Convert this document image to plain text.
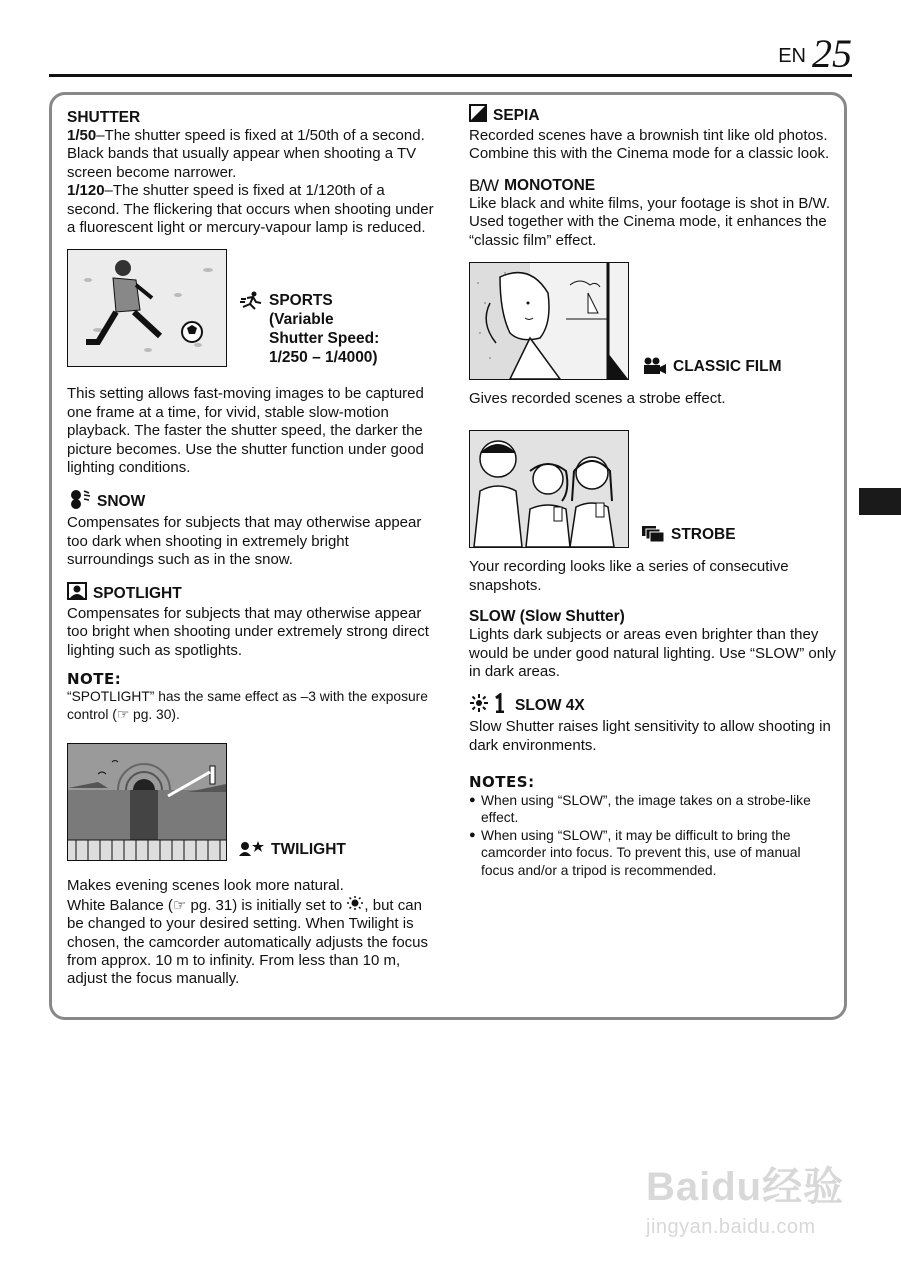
EN 25
SHUTTER

1/50–The shutter speed is fixed at 1/50th of a second. Black bands that usually appear when shooting a TV screen become narrower.

1/120–The shutter speed is fixed at 1/120th of a second. The flickering that occurs when shooting under a fluorescent light or mercury-vapour lamp is reduced.

SPORTS
(Variable
Shutter Speed:
1/250 – 1/4000)

This setting allows fast-moving images to be captured one frame at a time, for vivid, stable slow-motion playback. The faster the shutter speed, the darker the picture becomes. Use the shutter function under good lighting conditions.

SNOW

Compensates for subjects that may otherwise appear too dark when shooting in extremely bright surroundings such as in the snow.

SPOTLIGHT

Compensates for subjects that may otherwise appear too bright when shooting under extremely strong direct lighting such as spotlights.

NOTE:

“SPOTLIGHT” has the same effect as –3 with the exposure control (☞ pg. 30).

TWILIGHT

Makes evening scenes look more natural.

White Balance (☞ pg. 31) is initially set to , but can be changed to your desired setting. When Twilight is chosen, the camcorder automatically adjusts the focus from approx. 10 m to infinity. From less than 10 m, adjust the focus manually.

SEPIA

Recorded scenes have a brownish tint like old photos. Combine this with the Cinema mode for a classic look.

B/W MONOTONE

Like black and white films, your footage is shot in B/W. Used together with the Cinema mode, it enhances the “classic film” effect.

CLASSIC FILM

Gives recorded scenes a strobe effect.

STROBE

Your recording looks like a series of consecutive snapshots.

SLOW (Slow Shutter)

Lights dark subjects or areas even brighter than they would be under good natural lighting. Use “SLOW” only in dark areas.

SLOW 4X

Slow Shutter raises light sensitivity to allow shooting in dark environments.

NOTES:
● When using “SLOW”, the image takes on a strobe-like effect.
● When using “SLOW”, it may be difficult to bring the camcorder into focus. To prevent this, use of manual focus and/or a tripod is recommended.
Baidu经验
jingyan.baidu.com
